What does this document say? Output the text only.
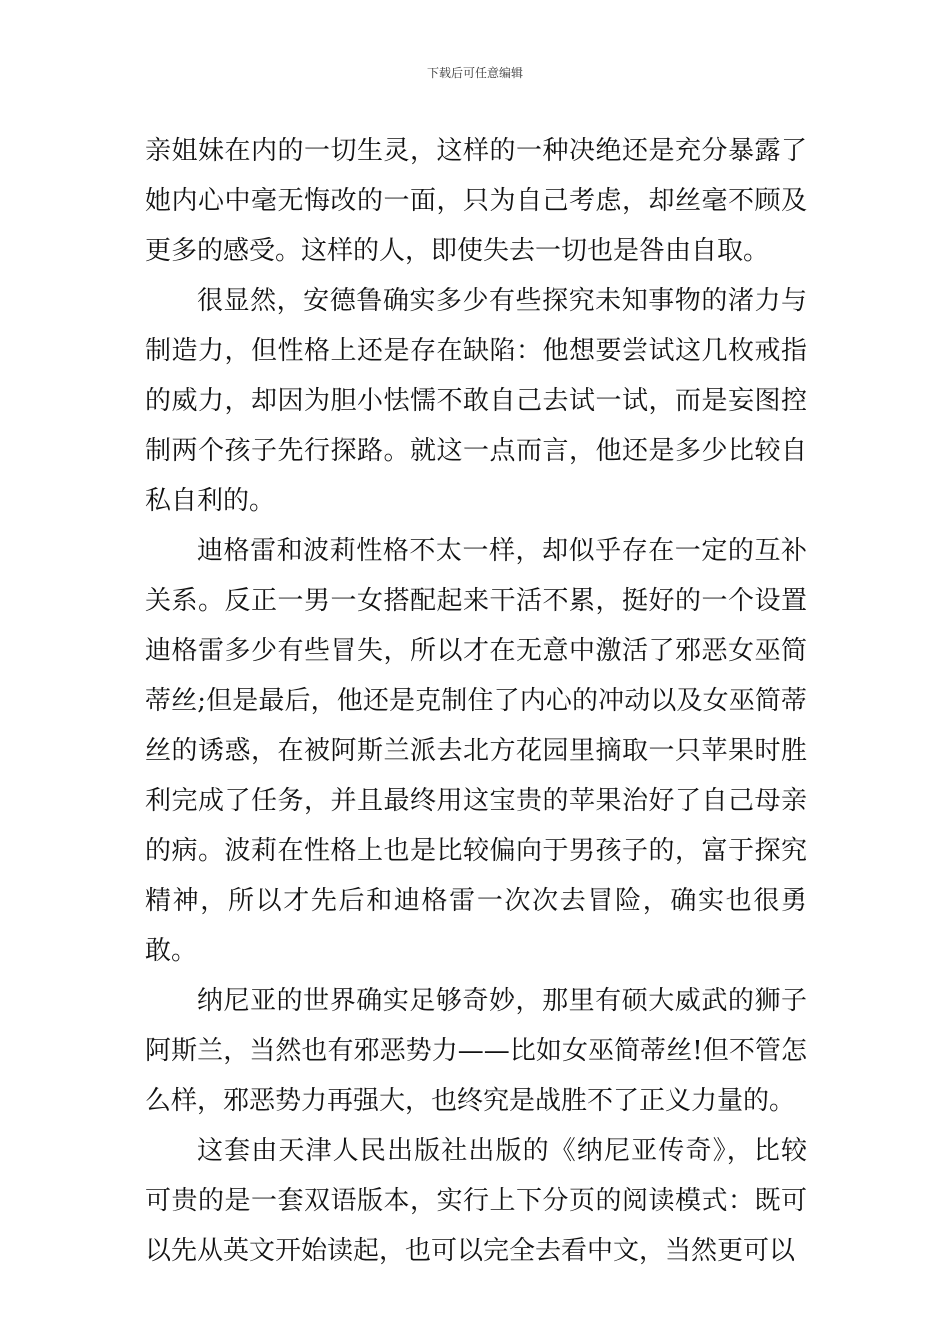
下载后可任意编辑

亲姐妹在内的一切生灵，这样的一种决绝还是充分暴露了她内心中毫无悔改的一面，只为自己考虑，却丝毫不顾及更多的感受。这样的人，即使失去一切也是咎由自取。

很显然，安德鲁确实多少有些探究未知事物的渚力与制造力，但性格上还是存在缺陷：他想要尝试这几枚戒指的威力，却因为胆小怯懦不敢自己去试一试，而是妄图控制两个孩子先行探路。就这一点而言，他还是多少比较自私自利的。

迪格雷和波莉性格不太一样，却似乎存在一定的互补关系。反正一男一女搭配起来干活不累，挺好的一个设置迪格雷多少有些冒失，所以才在无意中激活了邪恶女巫简蒂丝;但是最后，他还是克制住了内心的冲动以及女巫简蒂丝的诱惑，在被阿斯兰派去北方花园里摘取一只苹果时胜利完成了任务，并且最终用这宝贵的苹果治好了自己母亲的病。波莉在性格上也是比较偏向于男孩子的，富于探究精神，所以才先后和迪格雷一次次去冒险，确实也很勇敢。

纳尼亚的世界确实足够奇妙，那里有硕大威武的狮子阿斯兰，当然也有邪恶势力——比如女巫简蒂丝!但不管怎么样，邪恶势力再强大，也终究是战胜不了正义力量的。

这套由天津人民出版社出版的《纳尼亚传奇》，比较可贵的是一套双语版本，实行上下分页的阅读模式：既可以先从英文开始读起，也可以完全去看中文，当然更可以
